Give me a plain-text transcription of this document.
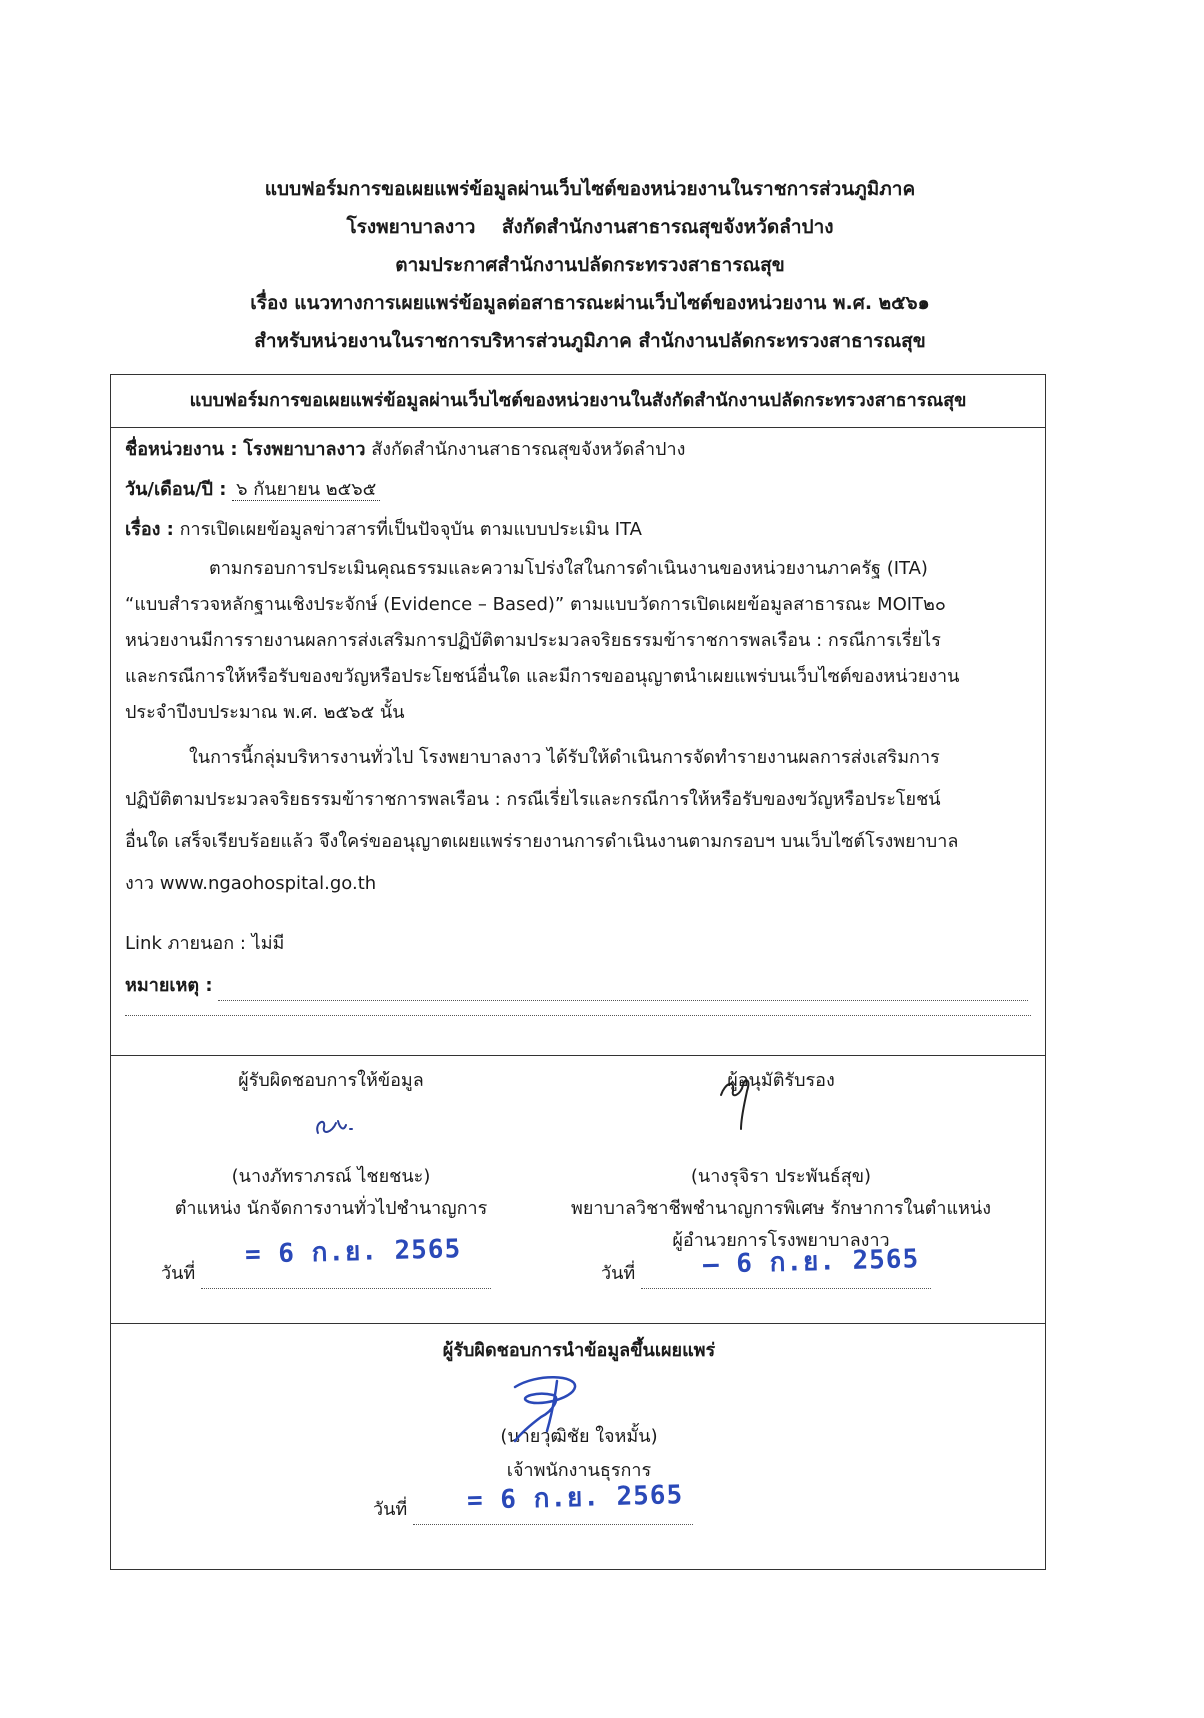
แบบฟอร์มการขอเผยแพร่ข้อมูลผ่านเว็บไซต์ของหน่วยงานในราชการส่วนภูมิภาค
โรงพยาบาลงาว    สังกัดสำนักงานสาธารณสุขจังหวัดลำปาง
ตามประกาศสำนักงานปลัดกระทรวงสาธารณสุข
เรื่อง แนวทางการเผยแพร่ข้อมูลต่อสาธารณะผ่านเว็บไซต์ของหน่วยงาน พ.ศ. ๒๕๖๑
สำหรับหน่วยงานในราชการบริหารส่วนภูมิภาค สำนักงานปลัดกระทรวงสาธารณสุข
แบบฟอร์มการขอเผยแพร่ข้อมูลผ่านเว็บไซต์ของหน่วยงานในสังกัดสำนักงานปลัดกระทรวงสาธารณสุข
ชื่อหน่วยงาน : โรงพยาบาลงาว สังกัดสำนักงานสาธารณสุขจังหวัดลำปาง
วัน/เดือน/ปี : ๖ กันยายน ๒๕๖๕
เรื่อง : การเปิดเผยข้อมูลข่าวสารที่เป็นปัจจุบัน ตามแบบประเมิน ITA
ตามกรอบการประเมินคุณธรรมและความโปร่งใสในการดำเนินงานของหน่วยงานภาครัฐ (ITA)
“แบบสำรวจหลักฐานเชิงประจักษ์ (Evidence – Based)” ตามแบบวัดการเปิดเผยข้อมูลสาธารณะ MOIT๒๐
หน่วยงานมีการรายงานผลการส่งเสริมการปฏิบัติตามประมวลจริยธรรมข้าราชการพลเรือน : กรณีการเรี่ยไร
และกรณีการให้หรือรับของขวัญหรือประโยชน์อื่นใด และมีการขออนุญาตนำเผยแพร่บนเว็บไซต์ของหน่วยงาน
ประจำปีงบประมาณ พ.ศ. ๒๕๖๕ นั้น
ในการนี้กลุ่มบริหารงานทั่วไป โรงพยาบาลงาว ได้รับให้ดำเนินการจัดทำรายงานผลการส่งเสริมการ
ปฏิบัติตามประมวลจริยธรรมข้าราชการพลเรือน : กรณีเรี่ยไรและกรณีการให้หรือรับของขวัญหรือประโยชน์
อื่นใด เสร็จเรียบร้อยแล้ว จึงใคร่ขออนุญาตเผยแพร่รายงานการดำเนินงานตามกรอบฯ บนเว็บไซต์โรงพยาบาล
งาว www.ngaohospital.go.th
Link ภายนอก : ไม่มี
หมายเหตุ :
ผู้รับผิดชอบการให้ข้อมูล
(นางภัทราภรณ์ ไชยชนะ)
ตำแหน่ง นักจัดการงานทั่วไปชำนาญการ
ผู้อนุมัติรับรอง
(นางรุจิรา ประพันธ์สุข)
พยาบาลวิชาชีพชำนาญการพิเศษ รักษาการในตำแหน่ง
ผู้อำนวยการโรงพยาบาลงาว
วันที่
= 6 ก.ย. 2565
วันที่	– 6 ก.ย. 2565
ผู้รับผิดชอบการนำข้อมูลขึ้นเผยแพร่
(นายวุฒิชัย ใจหมั้น)
เจ้าพนักงานธุรการ
วันที่	= 6 ก.ย. 2565
